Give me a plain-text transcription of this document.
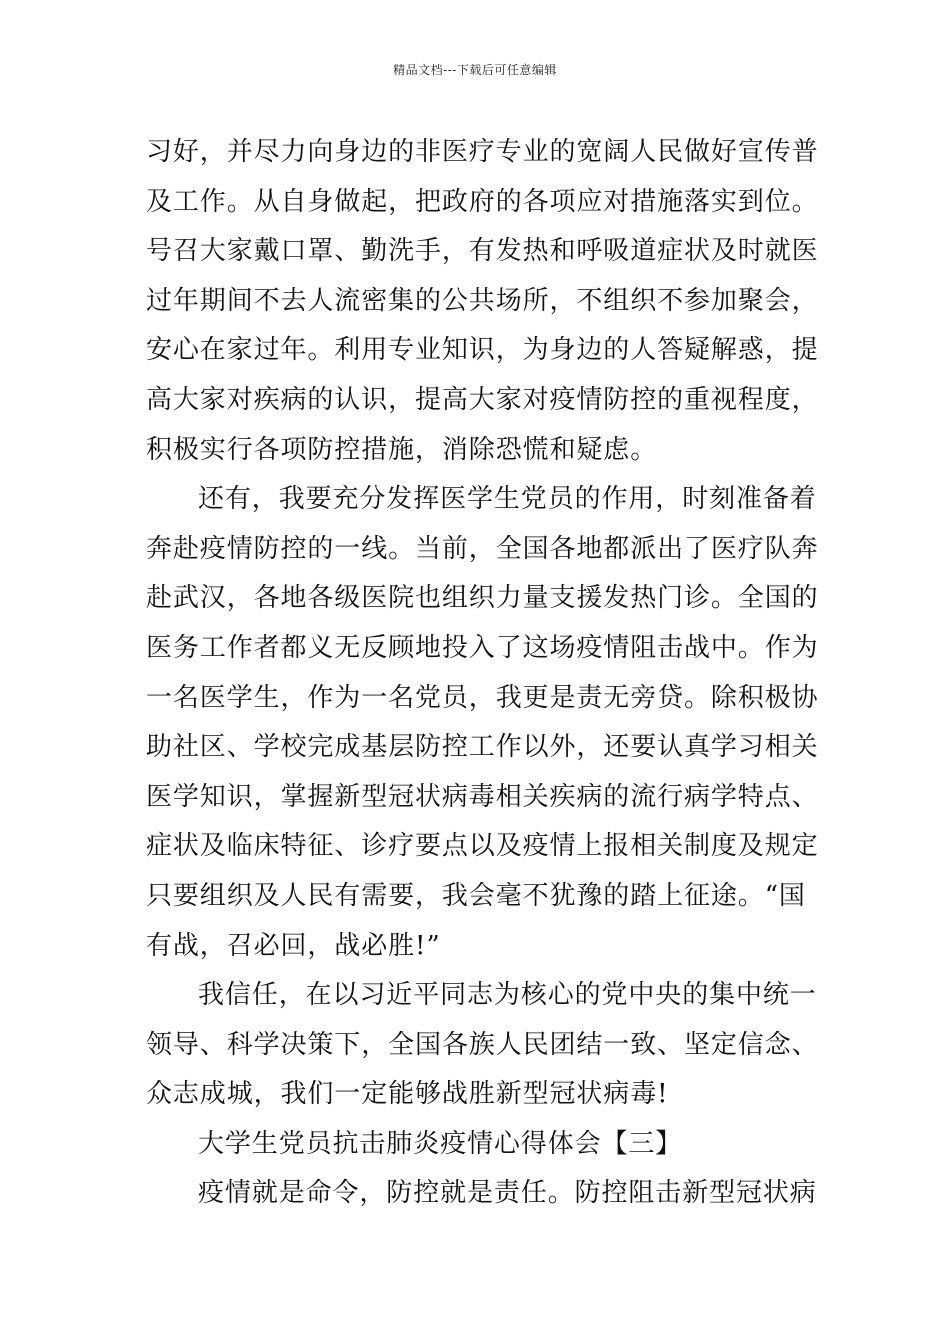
精品文档---下载后可任意编辑
习好，并尽力向身边的非医疗专业的宽阔人民做好宣传普
及工作。从自身做起，把政府的各项应对措施落实到位。
号召大家戴口罩、勤洗手，有发热和呼吸道症状及时就医
过年期间不去人流密集的公共场所，不组织不参加聚会，
安心在家过年。利用专业知识，为身边的人答疑解惑，提
高大家对疾病的认识，提高大家对疫情防控的重视程度，
积极实行各项防控措施，消除恐慌和疑虑。
还有，我要充分发挥医学生党员的作用，时刻准备着
奔赴疫情防控的一线。当前，全国各地都派出了医疗队奔
赴武汉，各地各级医院也组织力量支援发热门诊。全国的
医务工作者都义无反顾地投入了这场疫情阻击战中。作为
一名医学生，作为一名党员，我更是责无旁贷。除积极协
助社区、学校完成基层防控工作以外，还要认真学习相关
医学知识，掌握新型冠状病毒相关疾病的流行病学特点、
症状及临床特征、诊疗要点以及疫情上报相关制度及规定
只要组织及人民有需要，我会毫不犹豫的踏上征途。“国
有战，召必回，战必胜!”
我信任，在以习近平同志为核心的党中央的集中统一
领导、科学决策下，全国各族人民团结一致、坚定信念、
众志成城，我们一定能够战胜新型冠状病毒!
大学生党员抗击肺炎疫情心得体会【三】
疫情就是命令，防控就是责任。防控阻击新型冠状病
